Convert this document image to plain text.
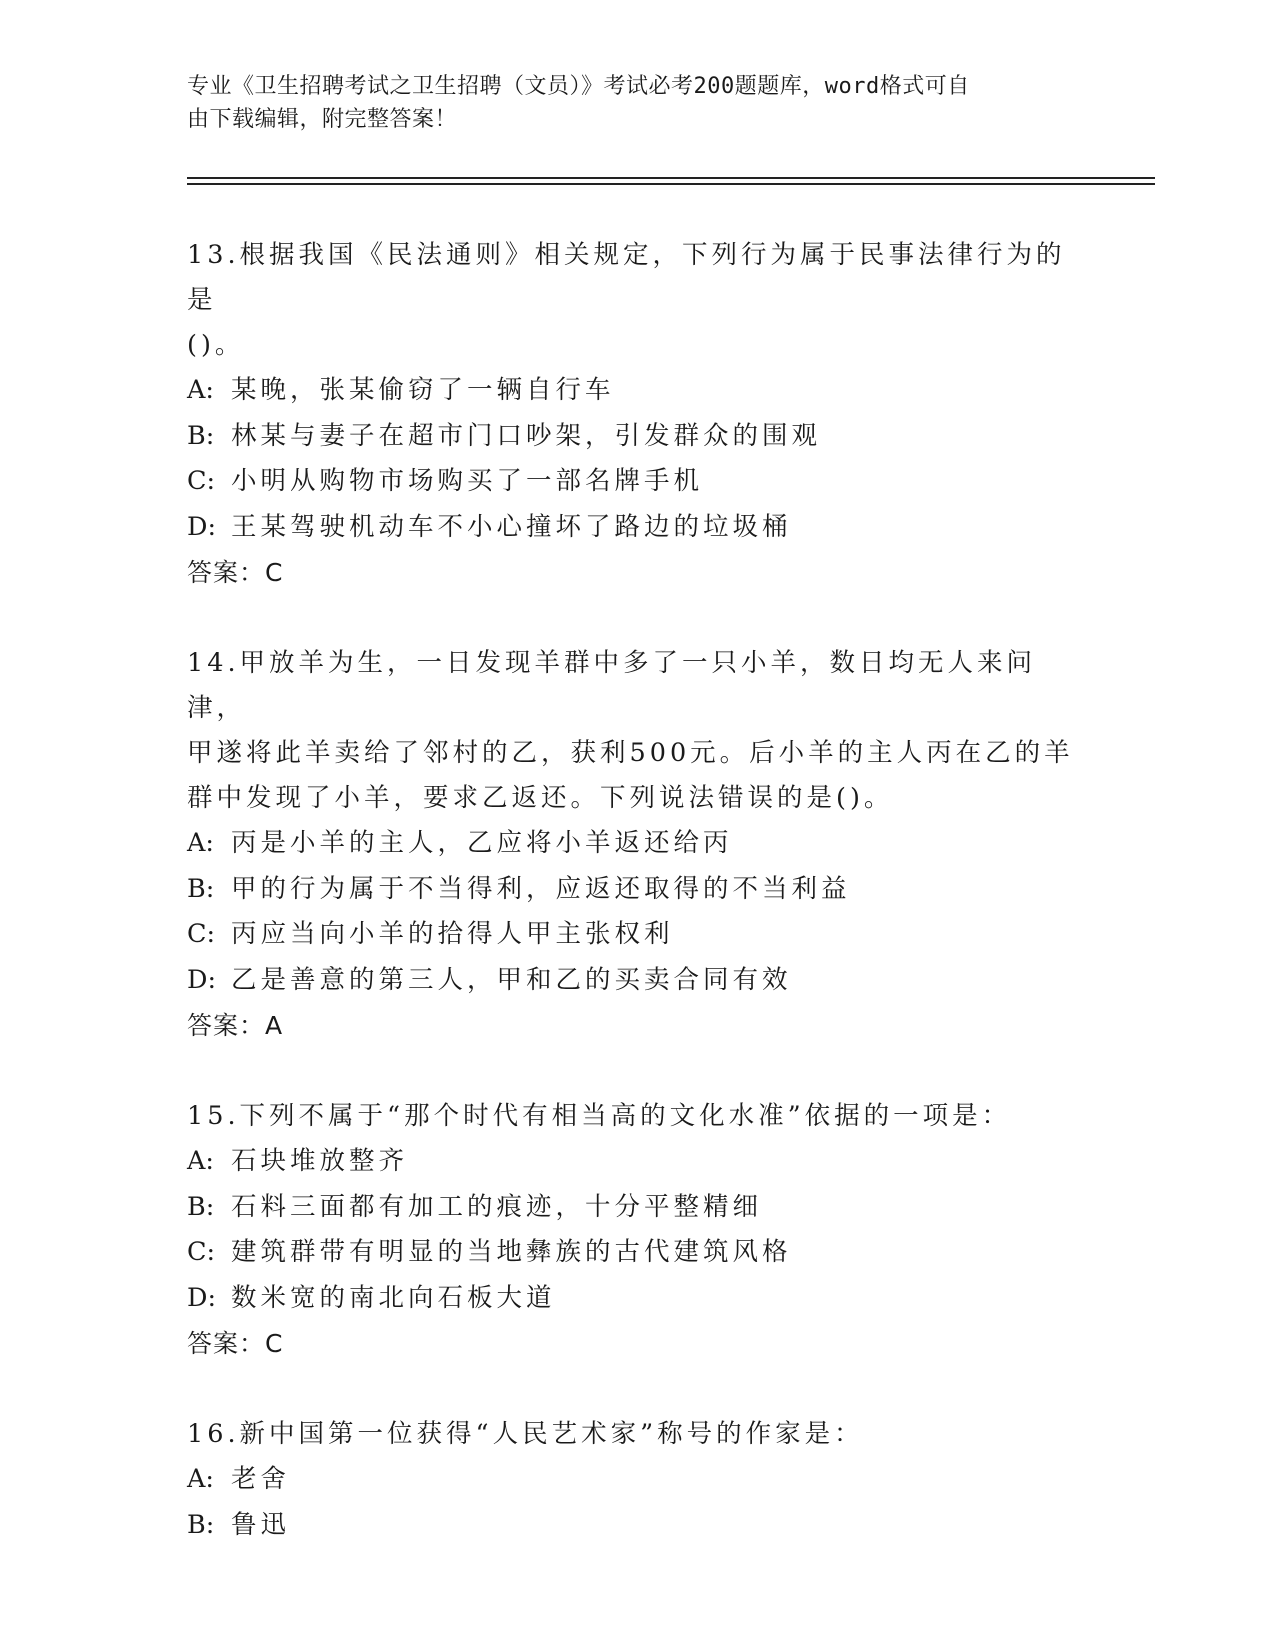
专业《卫生招聘考试之卫生招聘（文员）》考试必考200题题库，word格式可自
由下载编辑，附完整答案！
13.根据我国《民法通则》相关规定，下列行为属于民事法律行为的是
()。
A: 某晚，张某偷窃了一辆自行车
B: 林某与妻子在超市门口吵架，引发群众的围观
C: 小明从购物市场购买了一部名牌手机
D: 王某驾驶机动车不小心撞坏了路边的垃圾桶
答案：C
14.甲放羊为生，一日发现羊群中多了一只小羊，数日均无人来问津，
甲遂将此羊卖给了邻村的乙，获利500元。后小羊的主人丙在乙的羊
群中发现了小羊，要求乙返还。下列说法错误的是()。
A: 丙是小羊的主人，乙应将小羊返还给丙
B: 甲的行为属于不当得利，应返还取得的不当利益
C: 丙应当向小羊的拾得人甲主张权利
D: 乙是善意的第三人，甲和乙的买卖合同有效
答案：A
15.下列不属于“那个时代有相当高的文化水准”依据的一项是：
A: 石块堆放整齐
B: 石料三面都有加工的痕迹，十分平整精细
C: 建筑群带有明显的当地彝族的古代建筑风格
D: 数米宽的南北向石板大道
答案：C
16.新中国第一位获得“人民艺术家”称号的作家是：
A: 老舍
B: 鲁迅
